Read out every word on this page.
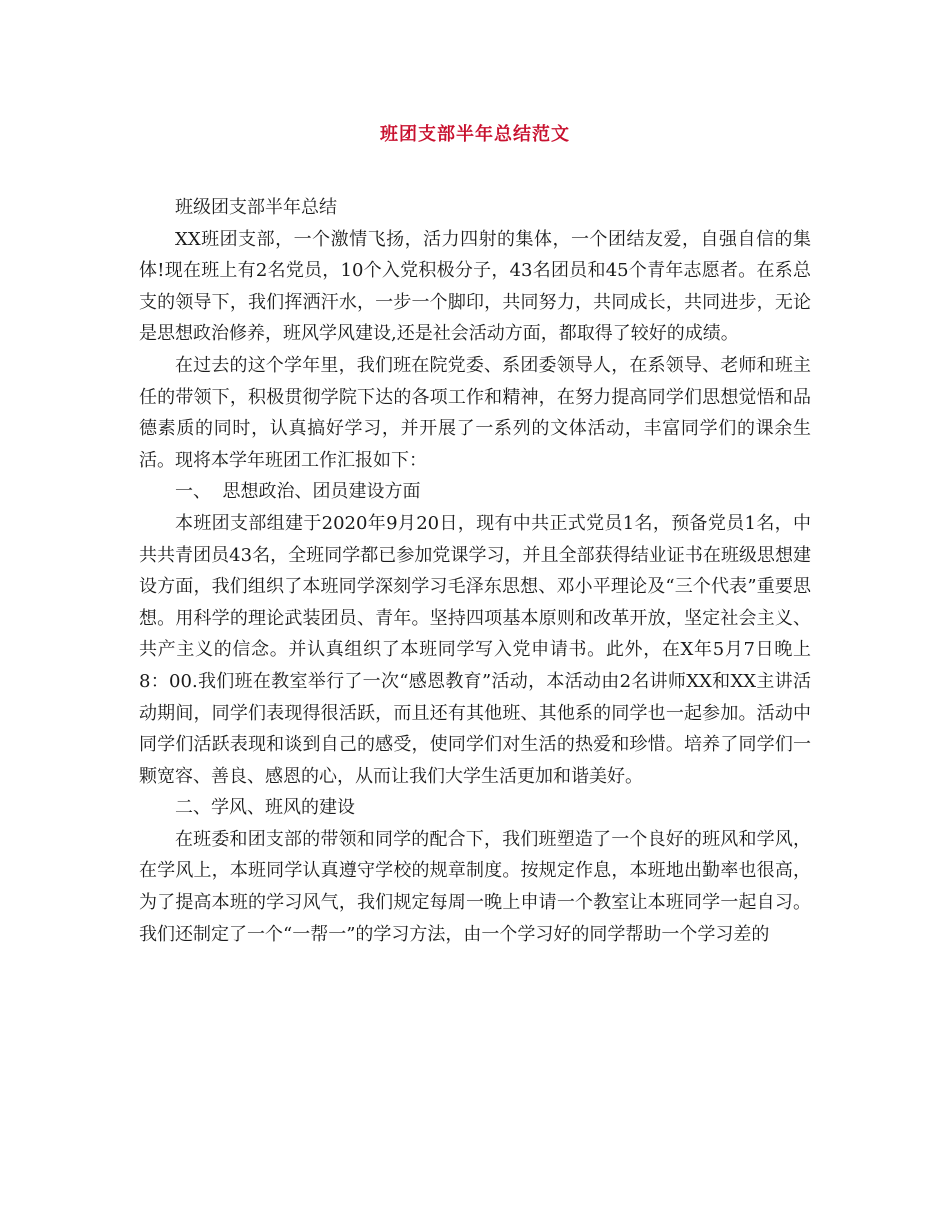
班团支部半年总结范文

班级团支部半年总结

XX班团支部，一个激情飞扬，活力四射的集体，一个团结友爱，自强自信的集体!现在班上有2名党员，10个入党积极分子，43名团员和45个青年志愿者。在系总支的领导下，我们挥洒汗水，一步一个脚印，共同努力，共同成长，共同进步，无论是思想政治修养，班风学风建设,还是社会活动方面，都取得了较好的成绩。

在过去的这个学年里，我们班在院党委、系团委领导人，在系领导、老师和班主任的带领下，积极贯彻学院下达的各项工作和精神，在努力提高同学们思想觉悟和品德素质的同时，认真搞好学习，并开展了一系列的文体活动，丰富同学们的课余生活。现将本学年班团工作汇报如下：

一、  思想政治、团员建设方面

本班团支部组建于2020年9月20日，现有中共正式党员1名，预备党员1名，中共共青团员43名，全班同学都已参加党课学习，并且全部获得结业证书在班级思想建设方面，我们组织了本班同学深刻学习毛泽东思想、邓小平理论及“三个代表”重要思想。用科学的理论武装团员、青年。坚持四项基本原则和改革开放，坚定社会主义、共产主义的信念。并认真组织了本班同学写入党申请书。此外，在X年5月7日晚上8：00.我们班在教室举行了一次“感恩教育”活动，本活动由2名讲师XX和XX主讲活动期间，同学们表现得很活跃，而且还有其他班、其他系的同学也一起参加。活动中同学们活跃表现和谈到自己的感受，使同学们对生活的热爱和珍惜。培养了同学们一颗宽容、善良、感恩的心，从而让我们大学生活更加和谐美好。

二、学风、班风的建设

在班委和团支部的带领和同学的配合下，我们班塑造了一个良好的班风和学风，在学风上，本班同学认真遵守学校的规章制度。按规定作息，本班地出勤率也很高，为了提高本班的学习风气，我们规定每周一晚上申请一个教室让本班同学一起自习。我们还制定了一个“一帮一”的学习方法，由一个学习好的同学帮助一个学习差的
